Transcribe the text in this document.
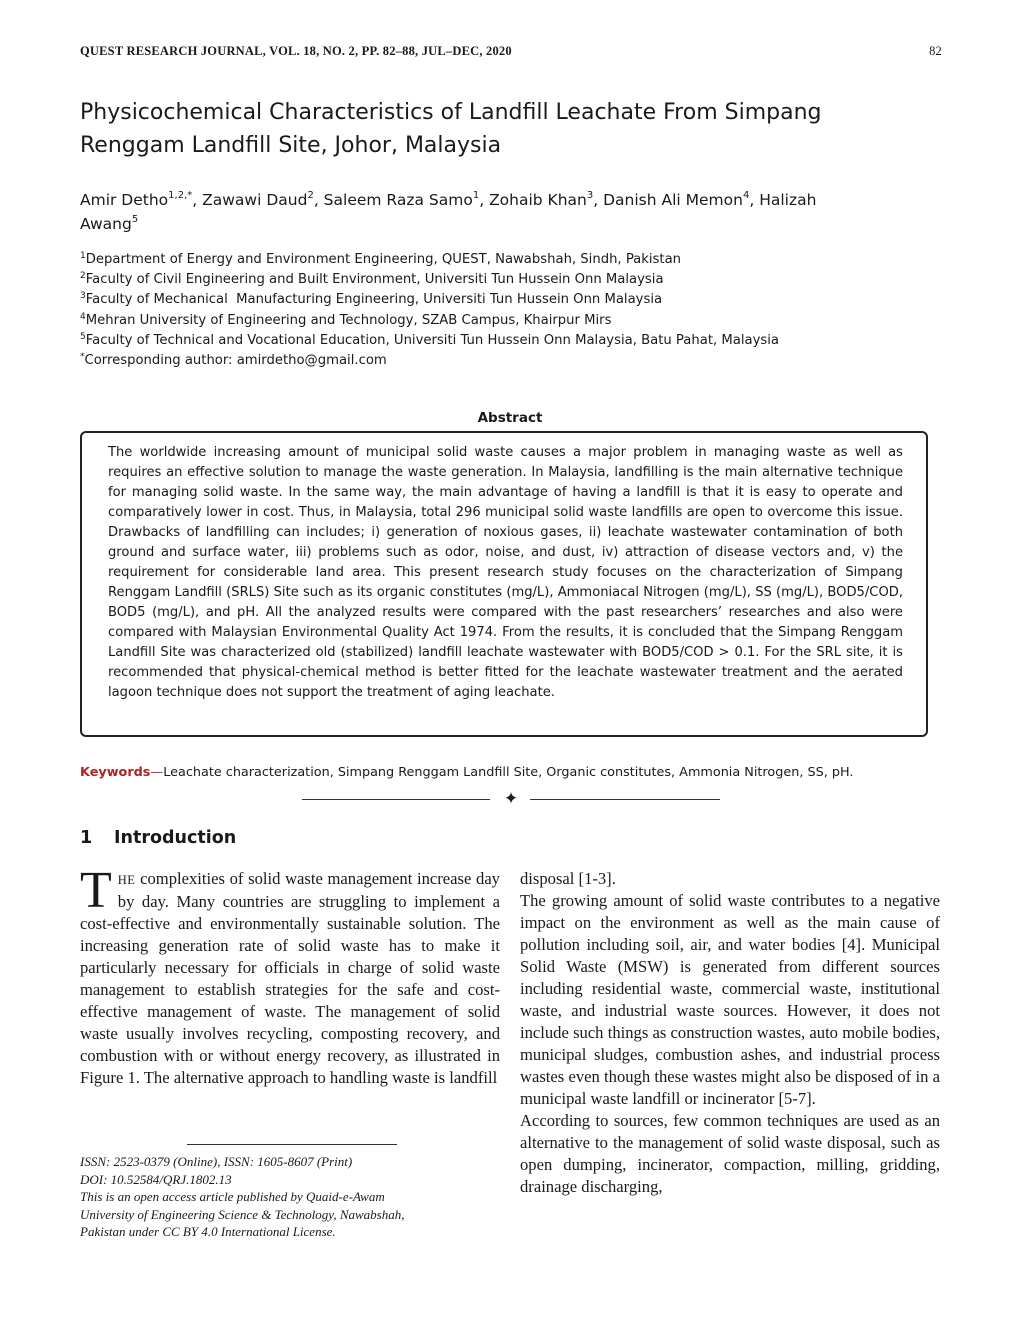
QUEST RESEARCH JOURNAL, VOL. 18, NO. 2, PP. 82–88, JUL–DEC, 2020	82
Physicochemical Characteristics of Landfill Leachate From Simpang
Renggam Landfill Site, Johor, Malaysia
Amir Detho$^{1,2,*}$, Zawawi Daud$^2$, Saleem Raza Samo$^1$, Zohaib Khan$^3$, Danish Ali Memon$^4$, Halizah
Awang$^5$
$^1$Department of Energy and Environment Engineering, QUEST, Nawabshah, Sindh, Pakistan
$^2$Faculty of Civil Engineering and Built Environment, Universiti Tun Hussein Onn Malaysia
$^3$Faculty of Mechanical  Manufacturing Engineering, Universiti Tun Hussein Onn Malaysia
$^4$Mehran University of Engineering and Technology, SZAB Campus, Khairpur Mirs
$^5$Faculty of Technical and Vocational Education, Universiti Tun Hussein Onn Malaysia, Batu Pahat, Malaysia
*Corresponding author: amirdetho@gmail.com
Abstract

The worldwide increasing amount of municipal solid waste causes a major problem in managing waste as well as requires an effective solution to manage the waste generation. In Malaysia, landfilling is the main alternative technique for managing solid waste. In the same way, the main advantage of having a landfill is that it is easy to operate and comparatively lower in cost. Thus, in Malaysia, total 296 municipal solid waste landfills are open to overcome this issue. Drawbacks of landfilling can includes; i) generation of noxious gases, ii) leachate wastewater contamination of both ground and surface water, iii) problems such as odor, noise, and dust, iv) attraction of disease vectors and, v) the requirement for considerable land area. This present research study focuses on the characterization of Simpang Renggam Landfill (SRLS) Site such as its organic constitutes (mg/L), Ammoniacal Nitrogen (mg/L), SS (mg/L), BOD5/COD, BOD5 (mg/L), and pH. All the analyzed results were compared with the past researchers’ researches and also were compared with Malaysian Environmental Quality Act 1974. From the results, it is concluded that the Simpang Renggam Landfill Site was characterized old (stabilized) landfill leachate wastewater with BOD5/COD > 0.1. For the SRL site, it is recommended that physical-chemical method is better fitted for the leachate wastewater treatment and the aerated lagoon technique does not support the treatment of aging leachate.

Keywords—Leachate characterization, Simpang Renggam Landfill Site, Organic constitutes, Ammonia Nitrogen, SS, pH.
✦
1 Introduction

THE complexities of solid waste management increase day by day. Many countries are struggling to implement a cost-effective and environmentally sustainable solution. The increasing generation rate of solid waste has to make it particularly necessary for officials in charge of solid waste management to establish strategies for the safe and cost-effective management of waste. The management of solid waste usually involves recycling, composting recovery, and combustion with or without energy recovery, as illustrated in Figure 1. The alternative approach to handling waste is landfill

ISSN: 2523-0379 (Online), ISSN: 1605-8607 (Print)
DOI: 10.52584/QRJ.1802.13
This is an open access article published by Quaid-e-Awam
University of Engineering Science & Technology, Nawabshah,
Pakistan under CC BY 4.0 International License.

disposal [1-3].

The growing amount of solid waste contributes to a negative impact on the environment as well as the main cause of pollution including soil, air, and water bodies [4]. Municipal Solid Waste (MSW) is generated from different sources including residential waste, commercial waste, institutional waste, and industrial waste sources. However, it does not include such things as construction wastes, auto mobile bodies, municipal sludges, combustion ashes, and industrial process wastes even though these wastes might also be disposed of in a municipal waste landfill or incinerator [5-7].

According to sources, few common techniques are used as an alternative to the management of solid waste disposal, such as open dumping, incinerator, compaction, milling, gridding, drainage discharging,
